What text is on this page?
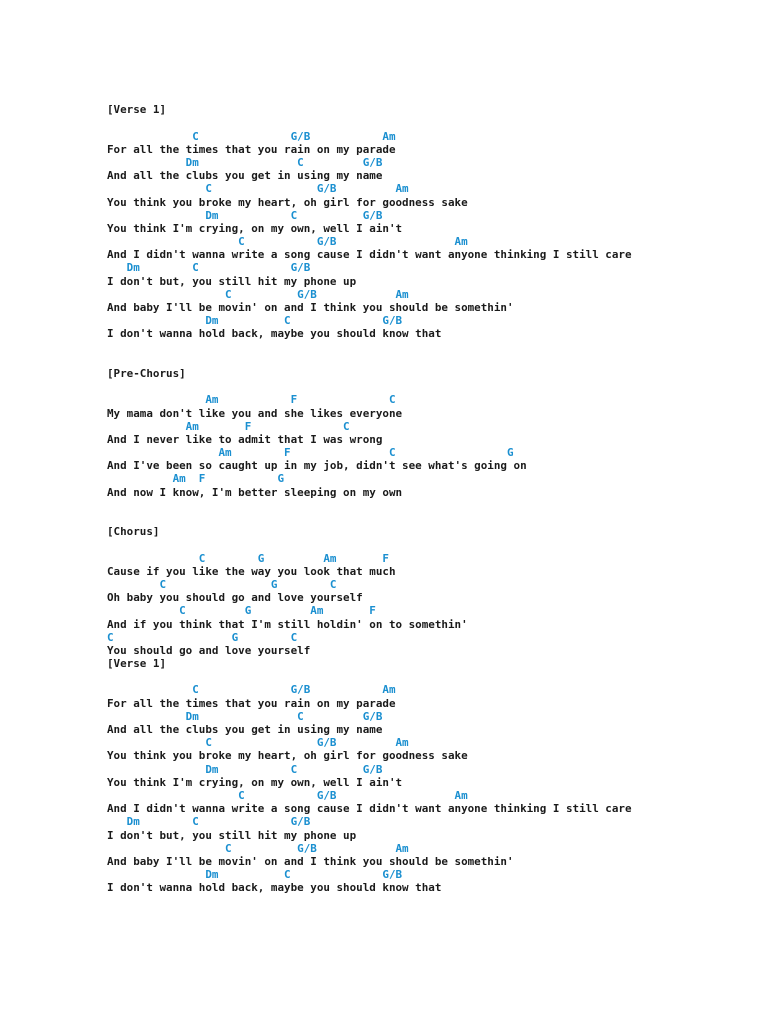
[Verse 1]
C              G/B           Am
For all the times that you rain on my parade
Dm               C         G/B
And all the clubs you get in using my name
C                G/B         Am
You think you broke my heart, oh girl for goodness sake
Dm           C          G/B
You think I'm crying, on my own, well I ain't
C           G/B                  Am
And I didn't wanna write a song cause I didn't want anyone thinking I still care
Dm        C              G/B
I don't but, you still hit my phone up
C          G/B            Am
And baby I'll be movin' on and I think you should be somethin'
Dm          C              G/B
I don't wanna hold back, maybe you should know that
[Pre-Chorus]
Am           F              C
My mama don't like you and she likes everyone
Am       F              C
And I never like to admit that I was wrong
Am        F               C                 G
And I've been so caught up in my job, didn't see what's going on
Am  F           G
And now I know, I'm better sleeping on my own
[Chorus]
C        G         Am       F
Cause if you like the way you look that much
C                G        C
Oh baby you should go and love yourself
C         G         Am       F
And if you think that I'm still holdin' on to somethin'
C                  G        C
You should go and love yourself
[Verse 1]
C              G/B           Am
For all the times that you rain on my parade
Dm               C         G/B
And all the clubs you get in using my name
C                G/B         Am
You think you broke my heart, oh girl for goodness sake
Dm           C          G/B
You think I'm crying, on my own, well I ain't
C           G/B                  Am
And I didn't wanna write a song cause I didn't want anyone thinking I still care
Dm        C              G/B
I don't but, you still hit my phone up
C          G/B            Am
And baby I'll be movin' on and I think you should be somethin'
Dm          C              G/B
I don't wanna hold back, maybe you should know that
